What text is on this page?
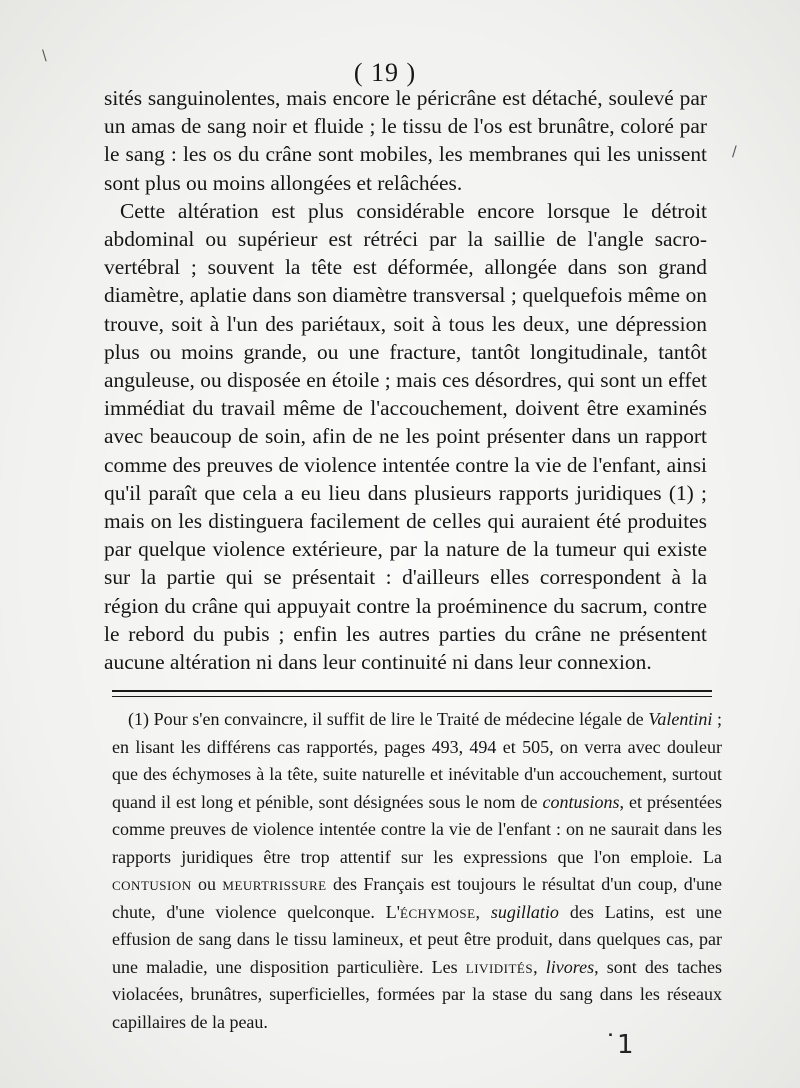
( 19 )

sités sanguinolentes, mais encore le péricrâne est détaché, soulevé par un amas de sang noir et fluide ; le tissu de l'os est brunâtre, coloré par le sang : les os du crâne sont mobiles, les membranes qui les unissent sont plus ou moins allongées et relâchées.

Cette altération est plus considérable encore lorsque le détroit abdominal ou supérieur est rétréci par la saillie de l'angle sacro-vertébral ; souvent la tête est déformée, allongée dans son grand diamètre, aplatie dans son diamètre transversal ; quelquefois même on trouve, soit à l'un des pariétaux, soit à tous les deux, une dépression plus ou moins grande, ou une fracture, tantôt longitudinale, tantôt anguleuse, ou disposée en étoile ; mais ces désordres, qui sont un effet immédiat du travail même de l'accouchement, doivent être examinés avec beaucoup de soin, afin de ne les point présenter dans un rapport comme des preuves de violence intentée contre la vie de l'enfant, ainsi qu'il paraît que cela a eu lieu dans plusieurs rapports juridiques (1) ; mais on les distinguera facilement de celles qui auraient été produites par quelque violence extérieure, par la nature de la tumeur qui existe sur la partie qui se présentait : d'ailleurs elles correspondent à la région du crâne qui appuyait contre la proéminence du sacrum, contre le rebord du pubis ; enfin les autres parties du crâne ne présentent aucune altération ni dans leur continuité ni dans leur connexion.

(1) Pour s'en convaincre, il suffit de lire le Traité de médecine légale de Valentini ; en lisant les différens cas rapportés, pages 493, 494 et 505, on verra avec douleur que des échymoses à la tête, suite naturelle et inévitable d'un accouchement, surtout quand il est long et pénible, sont désignées sous le nom de contusions, et présentées comme preuves de violence intentée contre la vie de l'enfant : on ne saurait dans les rapports juridiques être trop attentif sur les expressions que l'on emploie. La contusion ou meurtrissure des Français est toujours le résultat d'un coup, d'une chute, d'une violence quelconque. L'échymose, sugillatio des Latins, est une effusion de sang dans le tissu lamineux, et peut être produit, dans quelques cas, par une maladie, une disposition particulière. Les lividités, livores, sont des taches violacées, brunâtres, superficielles, formées par la stase du sang dans les réseaux capillaires de la peau.

\
/
˙1
